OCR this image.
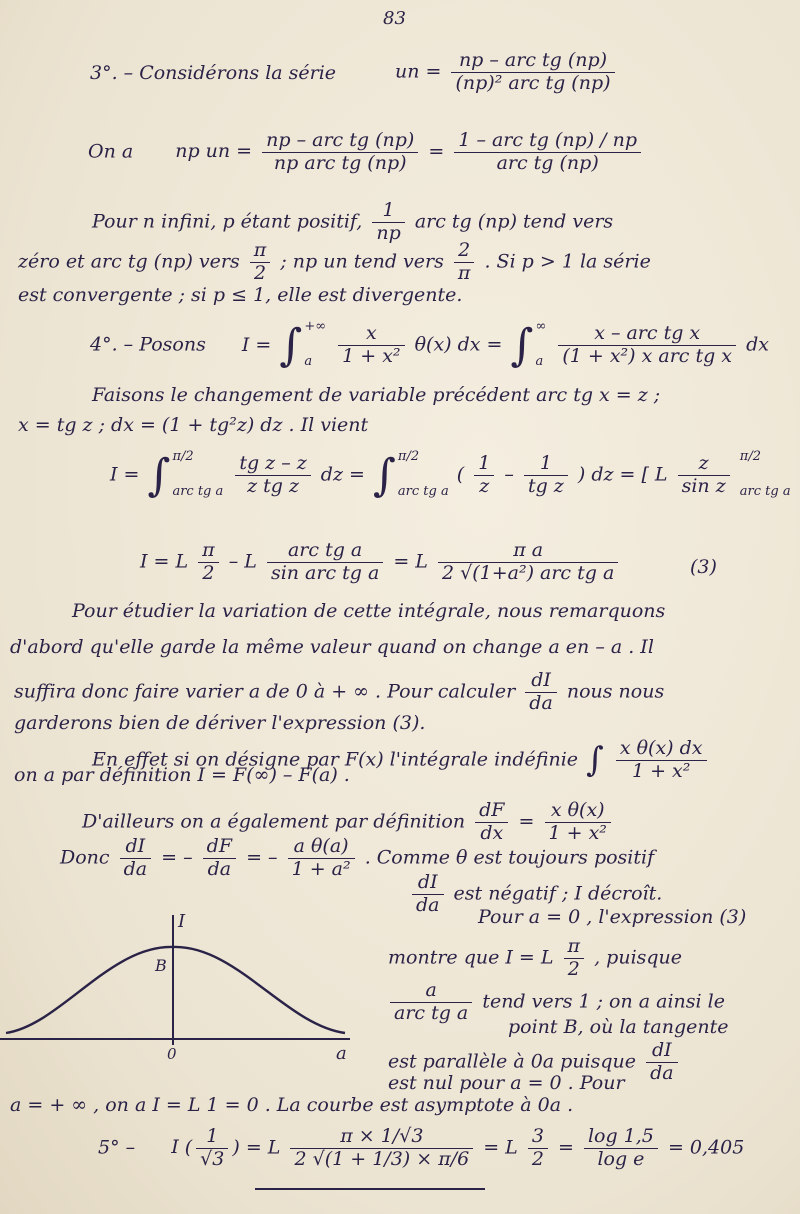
83
3°. – Considérons la série	un = $\frac{\text{np – arc tg (np)}}{\text{(np)² arc tg (np)}}$
On a np un = $\frac{\text{np – arc tg (np)}}{\text{np arc tg (np)}} = \frac{\text{1 – arc tg (np) / np}}{\text{arc tg (np)}}$
Pour n infini, p étant positif, $\frac{1}{np}$ arc tg (np) tend vers
zéro et arc tg (np) vers $\frac{\pi}{2}$ ; np un tend vers $\frac{2}{\pi}$ . Si p > 1 la série
est convergente ; si p ≤ 1, elle est divergente.
4°. – Posons I = ∫ +∞
a
	$\frac{x}{\text{1 + x²}} \theta(x)$ dx = ∫ ∞
a
$\frac{\text{x – arc tg x}}{\text{(1 + x²) x arc tg x}}$ dx
Faisons le changement de variable précédent arc tg x = z ;
x = tg z ; dx = (1 + tg²z) dz . Il vient
I = ∫ π/2
arc tg a
$\frac{\text{tg z – z}}{\text{z tg z}}$ dz = ∫ π/2
arc tg a
( $\frac{1}{z} - \frac{1}{\text{tg z}}$ ) dz = [ L $\frac{z}{\text{sin z}}$
π/2
arc tg a
I = L $\frac{\pi}{2} - L \frac{\text{arc tg a}}{\text{sin arc tg a}} = L \frac{\text{π a}}{\text{2 √(1+a²) arc tg a}}$	(3)
Pour étudier la variation de cette intégrale, nous remarquons
d'abord qu'elle garde la même valeur quand on change a en – a . Il
suffira donc faire varier a de 0 à + ∞ . Pour calculer $\frac{dI}{da}$ nous nous
garderons bien de dériver l'expression (3).
En effet si on désigne par F(x) l'intégrale indéfinie ∫ $\frac{\text{x θ(x) dx}}{\text{1 + x²}}$
on a par définition I = F(∞) – F(a) .
D'ailleurs on a également par définition $\frac{dF}{dx} = \frac{\text{x θ(x)}}{\text{1 + x²}}$
Donc $\frac{dI}{da}$ = – $\frac{dF}{da}$ = – $\frac{\text{a θ(a)}}{\text{1 + a²}}$ . Comme θ est toujours positif
$\frac{dI}{da}$ est négatif ; I décroît.
Pour a = 0 , l'expression (3)
montre que I = L $\frac{\pi}{2}$ , puisque
$\frac{a}{\text{arc tg a}}$ tend vers 1 ; on a ainsi le
point B, où la tangente
est parallèle à 0a puisque $\frac{dI}{da}$
est nul pour a = 0 . Pour
a = + ∞ , on a I = L 1 = 0 . La courbe est asymptote à 0a .
I
B
0	a
5° – I ( $\frac{1}{√3}$ ) = L $\frac{\pi \times 1/√3}{2 √(1 + 1/3) \times \pi/6} = L \frac{3}{2} = \frac{\log 1,5}{\text{log e}} = 0,405$
